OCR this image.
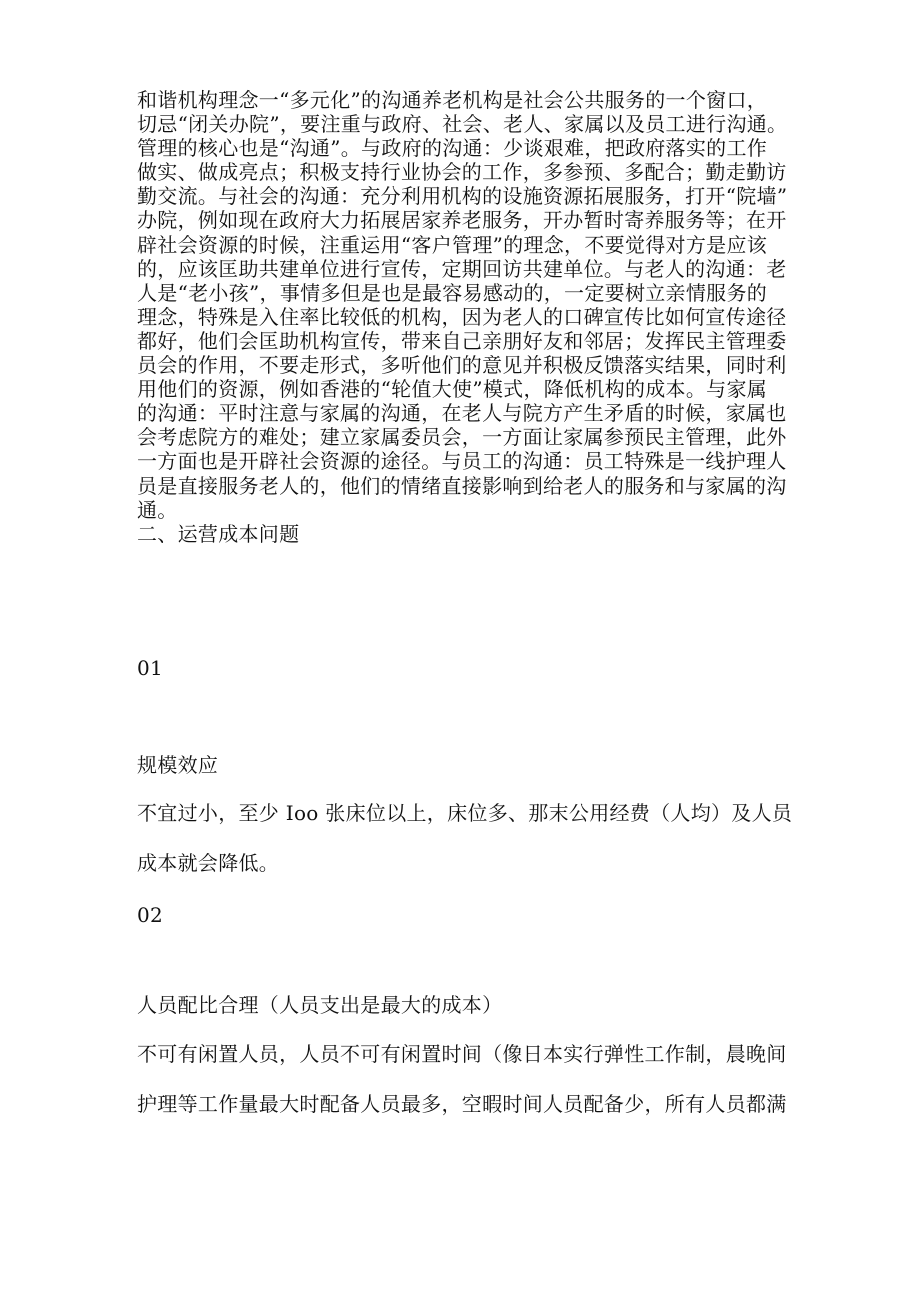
和谐机构理念一“多元化”的沟通养老机构是社会公共服务的一个窗口，
切忌“闭关办院”，要注重与政府、社会、老人、家属以及员工进行沟通。
管理的核心也是“沟通”。与政府的沟通：少谈艰难，把政府落实的工作
做实、做成亮点；积极支持行业协会的工作，多参预、多配合；勤走勤访
勤交流。与社会的沟通：充分利用机构的设施资源拓展服务，打开“院墙”
办院，例如现在政府大力拓展居家养老服务，开办暂时寄养服务等；在开
辟社会资源的时候，注重运用“客户管理”的理念，不要觉得对方是应该
的，应该匡助共建单位进行宣传，定期回访共建单位。与老人的沟通：老
人是“老小孩”，事情多但是也是最容易感动的，一定要树立亲情服务的
理念，特殊是入住率比较低的机构，因为老人的口碑宣传比如何宣传途径
都好，他们会匡助机构宣传，带来自己亲朋好友和邻居；发挥民主管理委
员会的作用，不要走形式，多听他们的意见并积极反馈落实结果，同时利
用他们的资源，例如香港的“轮值大使”模式，降低机构的成本。与家属
的沟通：平时注意与家属的沟通，在老人与院方产生矛盾的时候，家属也
会考虑院方的难处；建立家属委员会，一方面让家属参预民主管理，此外
一方面也是开辟社会资源的途径。与员工的沟通：员工特殊是一线护理人
员是直接服务老人的，他们的情绪直接影响到给老人的服务和与家属的沟
通。
二、运营成本问题
01
规模效应
不宜过小，至少 Ioo 张床位以上，床位多、那末公用经费（人均）及人员
成本就会降低。
02
人员配比合理（人员支出是最大的成本）
不可有闲置人员，人员不可有闲置时间（像日本实行弹性工作制，晨晚间
护理等工作量最大时配备人员最多，空暇时间人员配备少，所有人员都满
